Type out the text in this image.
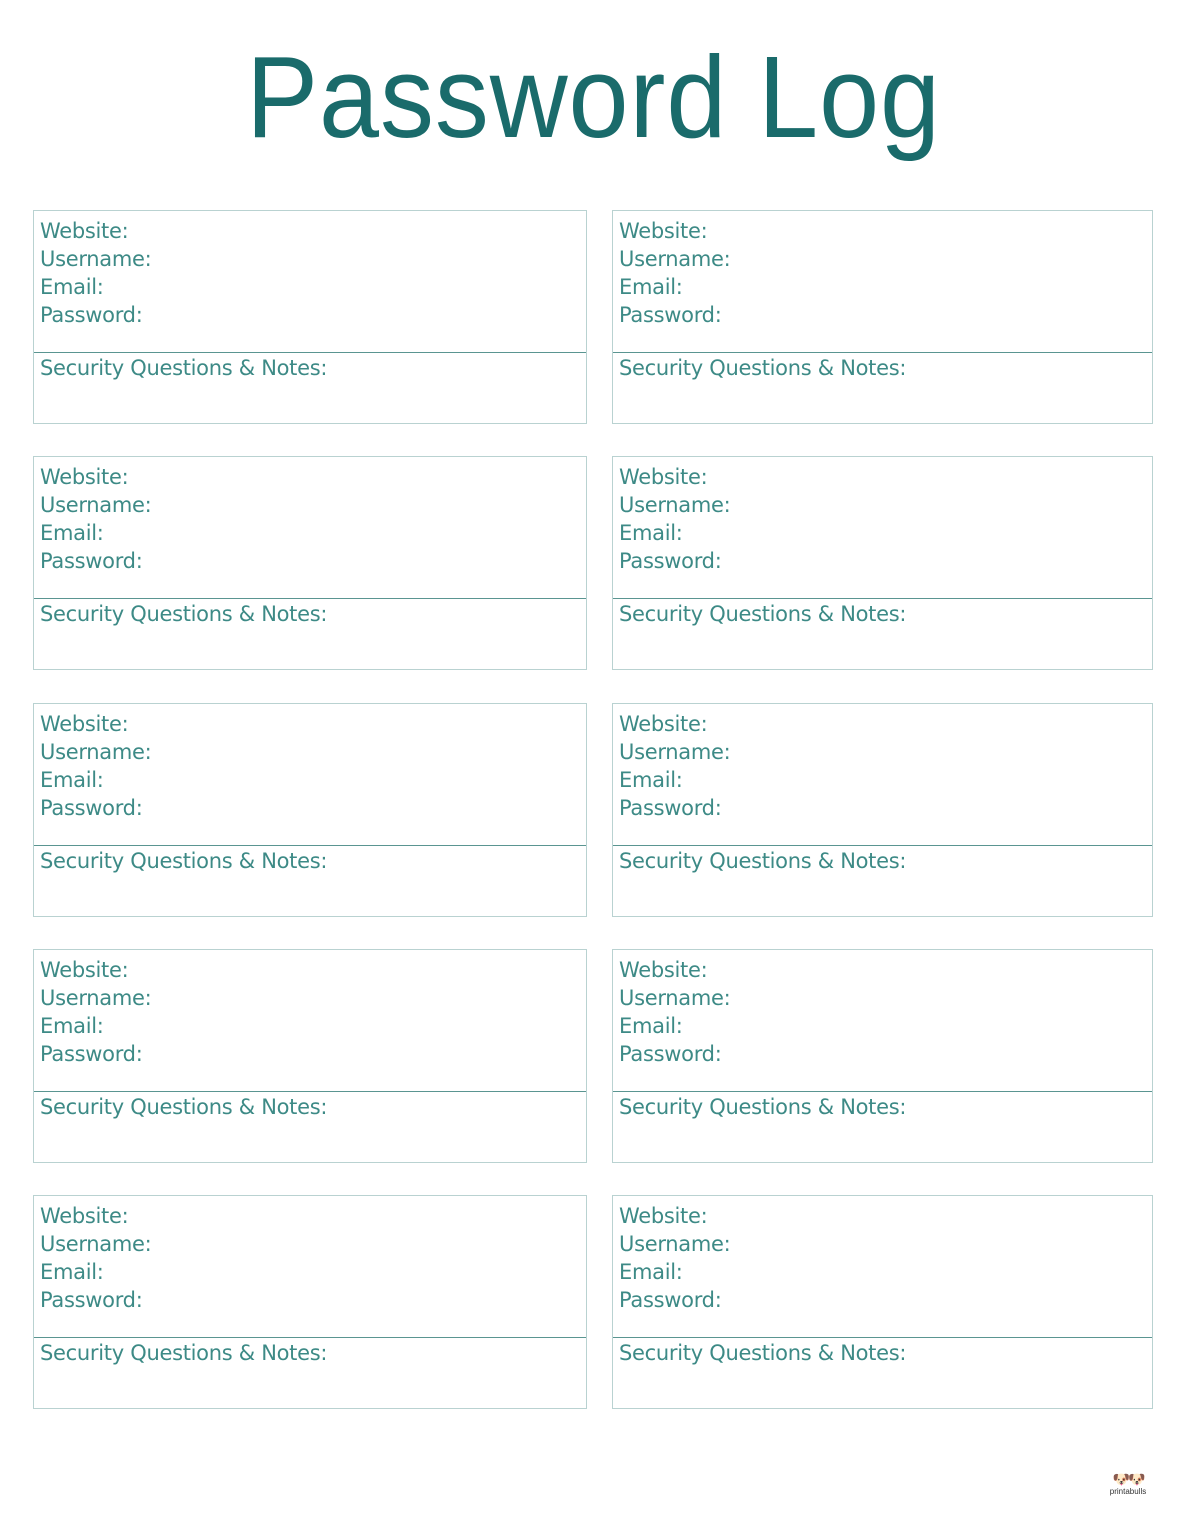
Password Log
Website:
Username:
Email:
Password:
Security Questions & Notes:
Website:
Username:
Email:
Password:
Security Questions & Notes:
Website:
Username:
Email:
Password:
Security Questions & Notes:
Website:
Username:
Email:
Password:
Security Questions & Notes:
Website:
Username:
Email:
Password:
Security Questions & Notes:
Website:
Username:
Email:
Password:
Security Questions & Notes:
Website:
Username:
Email:
Password:
Security Questions & Notes:
Website:
Username:
Email:
Password:
Security Questions & Notes:
Website:
Username:
Email:
Password:
Security Questions & Notes:
Website:
Username:
Email:
Password:
Security Questions & Notes:
🐶🐶
printabulls
